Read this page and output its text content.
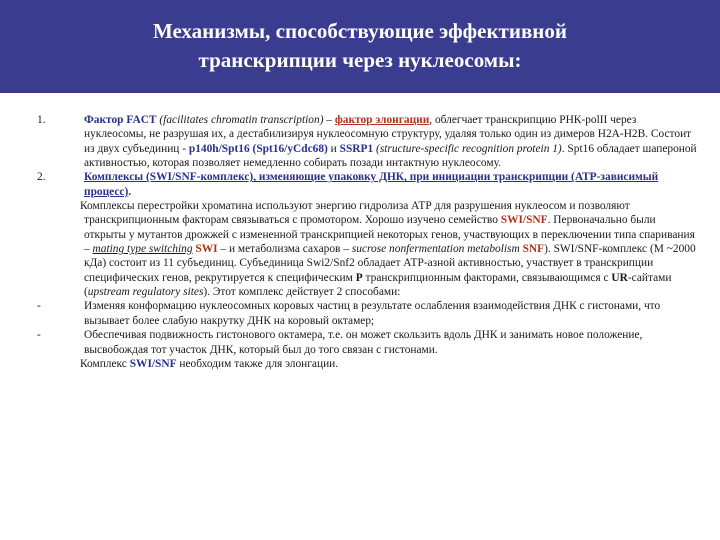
Механизмы, способствующие эффективной
транскрипции через нуклеосомы:
1.	Фактор FACT (facilitates chromatin transcription) – фактор элонгации, облегчает транскрипцию РНК-polII через нуклеосомы, не разрушая их, а дестабилизируя нуклеосомную структуру, удаляя только один из димеров Н2А-Н2В. Состоит из двух субъединиц - p140h/Spt16 (Spt16/yCdc68) и SSRP1 (structure-specific recognition protein 1). Spt16 обладает шапероной активностью, которая позволяет немедленно собирать позади интактную нуклеосому.
2.	Комплексы (SWI/SNF-комплекс), изменяющие упаковку ДНК, при инициации транскрипции (АТР-зависимый процесс).
Комплексы перестройки хроматина используют энергию гидролиза АТР для разрушения нуклеосом и позволяют транскрипционным факторам связываться с промотором. Хорошо изучено семейство SWI/SNF. Первоначально были открыты у мутантов дрожжей с измененной транскрипцией некоторых генов, участвующих в переключении типа спаривания – mating type switching SWI – и метаболизма сахаров – sucrose nonfermentation metabolism SNF). SWI/SNF-комплекс (M ~2000 кДа) состоит из 11 субъединиц. Субъединица Swi2/Snf2 обладает АТР-азной активностью, участвует в транскрипции специфических генов, рекрутируется к специфическим P транскрипционным факторами, связывающимся с UR-сайтами (upstream regulatory sites). Этот комплекс действует 2 способами:
-	Изменяя конформацию нуклеосомных коровых частиц в результате ослабления взаимодействия ДНК с гистонами, что вызывает более слабую накрутку ДНК на коровый октамер;
-	Обеспечивая подвижность гистонового октамера, т.е. он может скользить вдоль ДНК и занимать новое положение, высвобождая тот участок ДНК, который был до того связан с гистонами.
Комплекс SWI/SNF необходим также для элонгации.
